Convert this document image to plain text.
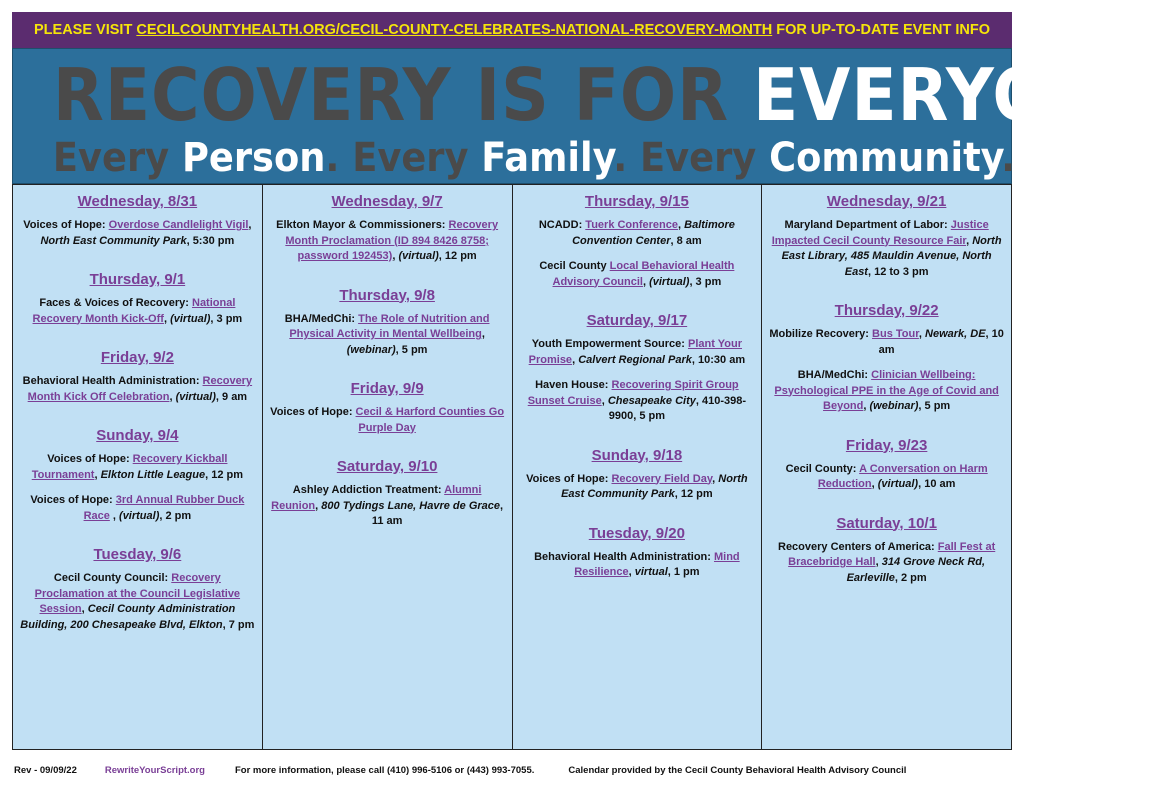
PLEASE VISIT
CECILCOUNTYHEALTH.ORG/CECIL-COUNTY-CELEBRATES-NATIONAL-RECOVERY-MONTH
FOR UP-TO-DATE EVENT INFO
RECOVERY IS FOR EVERYONE
Every Person. Every Family. Every Community.
Wednesday, 8/31
Voices of Hope: Overdose Candlelight Vigil, North East Community Park, 5:30 pm
Thursday, 9/1
Faces & Voices of Recovery: National Recovery Month Kick-Off, (virtual), 3 pm
Friday, 9/2
Behavioral Health Administration: Recovery Month Kick Off Celebration, (virtual), 9 am
Sunday, 9/4
Voices of Hope: Recovery Kickball Tournament, Elkton Little League, 12 pm
Voices of Hope: 3rd Annual Rubber Duck Race , (virtual), 2 pm
Tuesday, 9/6
Cecil County Council: Recovery Proclamation at the Council Legislative Session, Cecil County Administration Building, 200 Chesapeake Blvd, Elkton, 7 pm
Wednesday, 9/7
Elkton Mayor & Commissioners: Recovery Month Proclamation (ID 894 8426 8758; password 192453), (virtual), 12 pm
Thursday, 9/8
BHA/MedChi: The Role of Nutrition and Physical Activity in Mental Wellbeing, (webinar), 5 pm
Friday, 9/9
Voices of Hope: Cecil & Harford Counties Go Purple Day
Saturday, 9/10
Ashley Addiction Treatment: Alumni Reunion, 800 Tydings Lane, Havre de Grace, 11 am
Thursday, 9/15
NCADD: Tuerk Conference, Baltimore Convention Center, 8 am
Cecil County Local Behavioral Health Advisory Council, (virtual), 3 pm
Saturday, 9/17
Youth Empowerment Source: Plant Your Promise, Calvert Regional Park, 10:30 am
Haven House: Recovering Spirit Group Sunset Cruise, Chesapeake City, 410-398-9900, 5 pm
Sunday, 9/18
Voices of Hope: Recovery Field Day, North East Community Park, 12 pm
Tuesday, 9/20
Behavioral Health Administration: Mind Resilience, virtual, 1 pm
Wednesday, 9/21
Maryland Department of Labor: Justice Impacted Cecil County Resource Fair, North East Library, 485 Mauldin Avenue, North East, 12 to 3 pm
Thursday, 9/22
Mobilize Recovery: Bus Tour, Newark, DE, 10 am
BHA/MedChi: Clinician Wellbeing: Psychological PPE in the Age of Covid and Beyond, (webinar), 5 pm
Friday, 9/23
Cecil County: A Conversation on Harm Reduction, (virtual), 10 am
Saturday, 10/1
Recovery Centers of America: Fall Fest at Bracebridge Hall, 314 Grove Neck Rd, Earleville, 2 pm
Rev - 09/09/22	RewriteYourScript.org	For more information, please call (410) 996-5106 or (443) 993-7055.	Calendar provided by the Cecil County Behavioral Health Advisory Council
